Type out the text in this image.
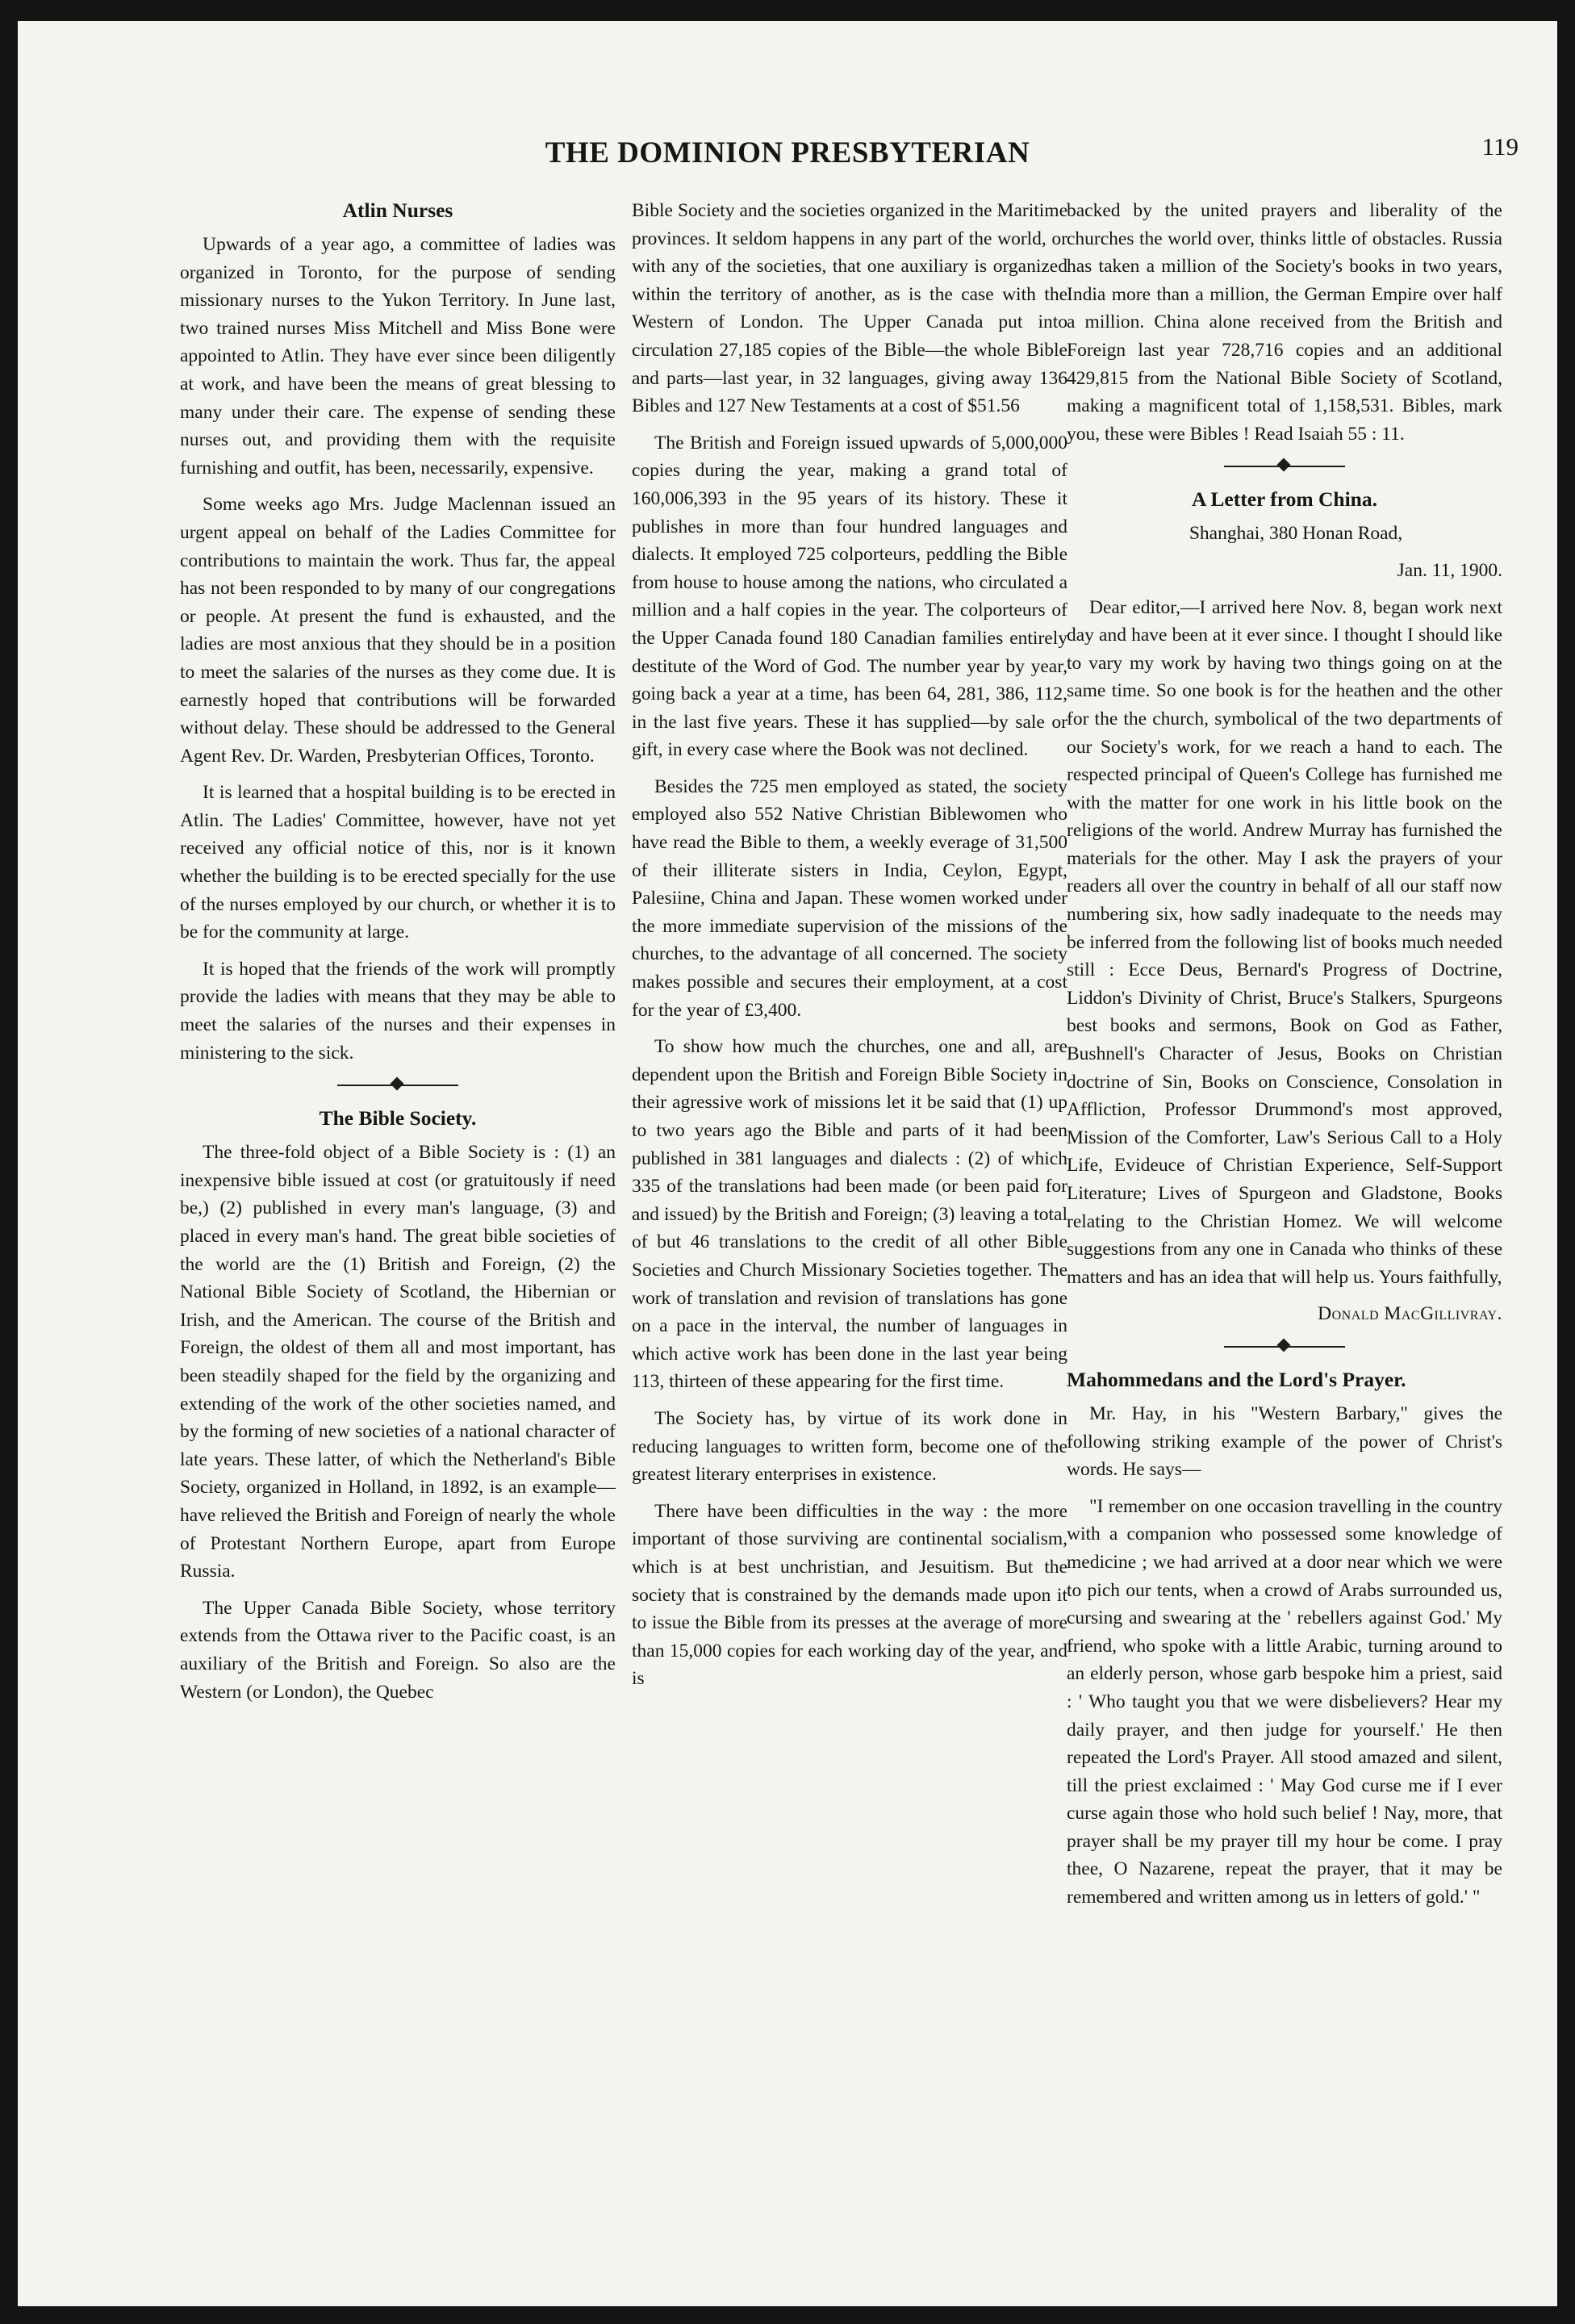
THE DOMINION PRESBYTERIAN	119
Atlin Nurses

Upwards of a year ago, a committee of ladies was organized in Toronto, for the purpose of sending missionary nurses to the Yukon Territory. In June last, two trained nurses Miss Mitchell and Miss Bone were appointed to Atlin. They have ever since been diligently at work, and have been the means of great blessing to many under their care. The expense of sending these nurses out, and providing them with the requisite furnishing and outfit, has been, necessarily, expensive.

Some weeks ago Mrs. Judge Maclennan issued an urgent appeal on behalf of the Ladies Committee for contributions to maintain the work. Thus far, the appeal has not been responded to by many of our congregations or people. At present the fund is exhausted, and the ladies are most anxious that they should be in a position to meet the salaries of the nurses as they come due. It is earnestly hoped that contributions will be forwarded without delay. These should be addressed to the General Agent Rev. Dr. Warden, Presbyterian Offices, Toronto.

It is learned that a hospital building is to be erected in Atlin. The Ladies' Committee, however, have not yet received any official notice of this, nor is it known whether the building is to be erected specially for the use of the nurses employed by our church, or whether it is to be for the community at large.

It is hoped that the friends of the work will promptly provide the ladies with means that they may be able to meet the salaries of the nurses and their expenses in ministering to the sick.

The Bible Society.

The three-fold object of a Bible Society is : (1) an inexpensive bible issued at cost (or gratuitously if need be,) (2) published in every man's language, (3) and placed in every man's hand. The great bible societies of the world are the (1) British and Foreign, (2) the National Bible Society of Scotland, the Hibernian or Irish, and the American. The course of the British and Foreign, the oldest of them all and most important, has been steadily shaped for the field by the organizing and extending of the work of the other societies named, and by the forming of new societies of a national character of late years. These latter, of which the Netherland's Bible Society, organized in Holland, in 1892, is an example—have relieved the British and Foreign of nearly the whole of Protestant Northern Europe, apart from Europe Russia.

The Upper Canada Bible Society, whose territory extends from the Ottawa river to the Pacific coast, is an auxiliary of the British and Foreign. So also are the Western (or London), the Quebec

Bible Society and the societies organized in the Maritime provinces. It seldom happens in any part of the world, or with any of the societies, that one auxiliary is organized within the territory of another, as is the case with the Western of London. The Upper Canada put into circulation 27,185 copies of the Bible—the whole Bible and parts—last year, in 32 languages, giving away 136 Bibles and 127 New Testaments at a cost of $51.56

The British and Foreign issued upwards of 5,000,000 copies during the year, making a grand total of 160,006,393 in the 95 years of its history. These it publishes in more than four hundred languages and dialects. It employed 725 colporteurs, peddling the Bible from house to house among the nations, who circulated a million and a half copies in the year. The colporteurs of the Upper Canada found 180 Canadian families entirely destitute of the Word of God. The number year by year, going back a year at a time, has been 64, 281, 386, 112, in the last five years. These it has supplied—by sale or gift, in every case where the Book was not declined.

Besides the 725 men employed as stated, the society employed also 552 Native Christian Biblewomen who have read the Bible to them, a weekly everage of 31,500 of their illiterate sisters in India, Ceylon, Egypt, Palesiine, China and Japan. These women worked under the more immediate supervision of the missions of the churches, to the advantage of all concerned. The society makes possible and secures their employment, at a cost for the year of £3,400.

To show how much the churches, one and all, are dependent upon the British and Foreign Bible Society in their agressive work of missions let it be said that (1) up to two years ago the Bible and parts of it had been published in 381 languages and dialects : (2) of which 335 of the translations had been made (or been paid for and issued) by the British and Foreign; (3) leaving a total of but 46 translations to the credit of all other Bible Societies and Church Missionary Societies together. The work of translation and revision of translations has gone on a pace in the interval, the number of languages in which active work has been done in the last year being 113, thirteen of these appearing for the first time.

The Society has, by virtue of its work done in reducing languages to written form, become one of the greatest literary enterprises in existence.

There have been difficulties in the way : the more important of those surviving are continental socialism, which is at best unchristian, and Jesuitism. But the society that is constrained by the demands made upon it to issue the Bible from its presses at the average of more than 15,000 copies for each working day of the year, and is

backed by the united prayers and liberality of the churches the world over, thinks little of obstacles. Russia has taken a million of the Society's books in two years, India more than a million, the German Empire over half a million. China alone received from the British and Foreign last year 728,716 copies and an additional 429,815 from the National Bible Society of Scotland, making a magnificent total of 1,158,531. Bibles, mark you, these were Bibles ! Read Isaiah 55 : 11.

A Letter from China.

Shanghai, 380 Honan Road,

Jan. 11, 1900.

Dear editor,—I arrived here Nov. 8, began work next day and have been at it ever since. I thought I should like to vary my work by having two things going on at the same time. So one book is for the heathen and the other for the the church, symbolical of the two departments of our Society's work, for we reach a hand to each. The respected principal of Queen's College has furnished me with the matter for one work in his little book on the religions of the world. Andrew Murray has furnished the materials for the other. May I ask the prayers of your readers all over the country in behalf of all our staff now numbering six, how sadly inadequate to the needs may be inferred from the following list of books much needed still : Ecce Deus, Bernard's Progress of Doctrine, Liddon's Divinity of Christ, Bruce's Stalkers, Spurgeons best books and sermons, Book on God as Father, Bushnell's Character of Jesus, Books on Christian doctrine of Sin, Books on Conscience, Consolation in Affliction, Professor Drummond's most approved, Mission of the Comforter, Law's Serious Call to a Holy Life, Evideuce of Christian Experience, Self-Support Literature; Lives of Spurgeon and Gladstone, Books relating to the Christian Homez. We will welcome suggestions from any one in Canada who thinks of these matters and has an idea that will help us. Yours faithfully,

Donald MacGillivray.

Mahommedans and the Lord's Prayer.

Mr. Hay, in his "Western Barbary," gives the following striking example of the power of Christ's words. He says—

"I remember on one occasion travelling in the country with a companion who possessed some knowledge of medicine ; we had arrived at a door near which we were to pich our tents, when a crowd of Arabs surrounded us, cursing and swearing at the ' rebellers against God.' My friend, who spoke with a little Arabic, turning around to an elderly person, whose garb bespoke him a priest, said : ' Who taught you that we were disbelievers? Hear my daily prayer, and then judge for yourself.' He then repeated the Lord's Prayer. All stood amazed and silent, till the priest exclaimed : ' May God curse me if I ever curse again those who hold such belief ! Nay, more, that prayer shall be my prayer till my hour be come. I pray thee, O Nazarene, repeat the prayer, that it may be remembered and written among us in letters of gold.' "
